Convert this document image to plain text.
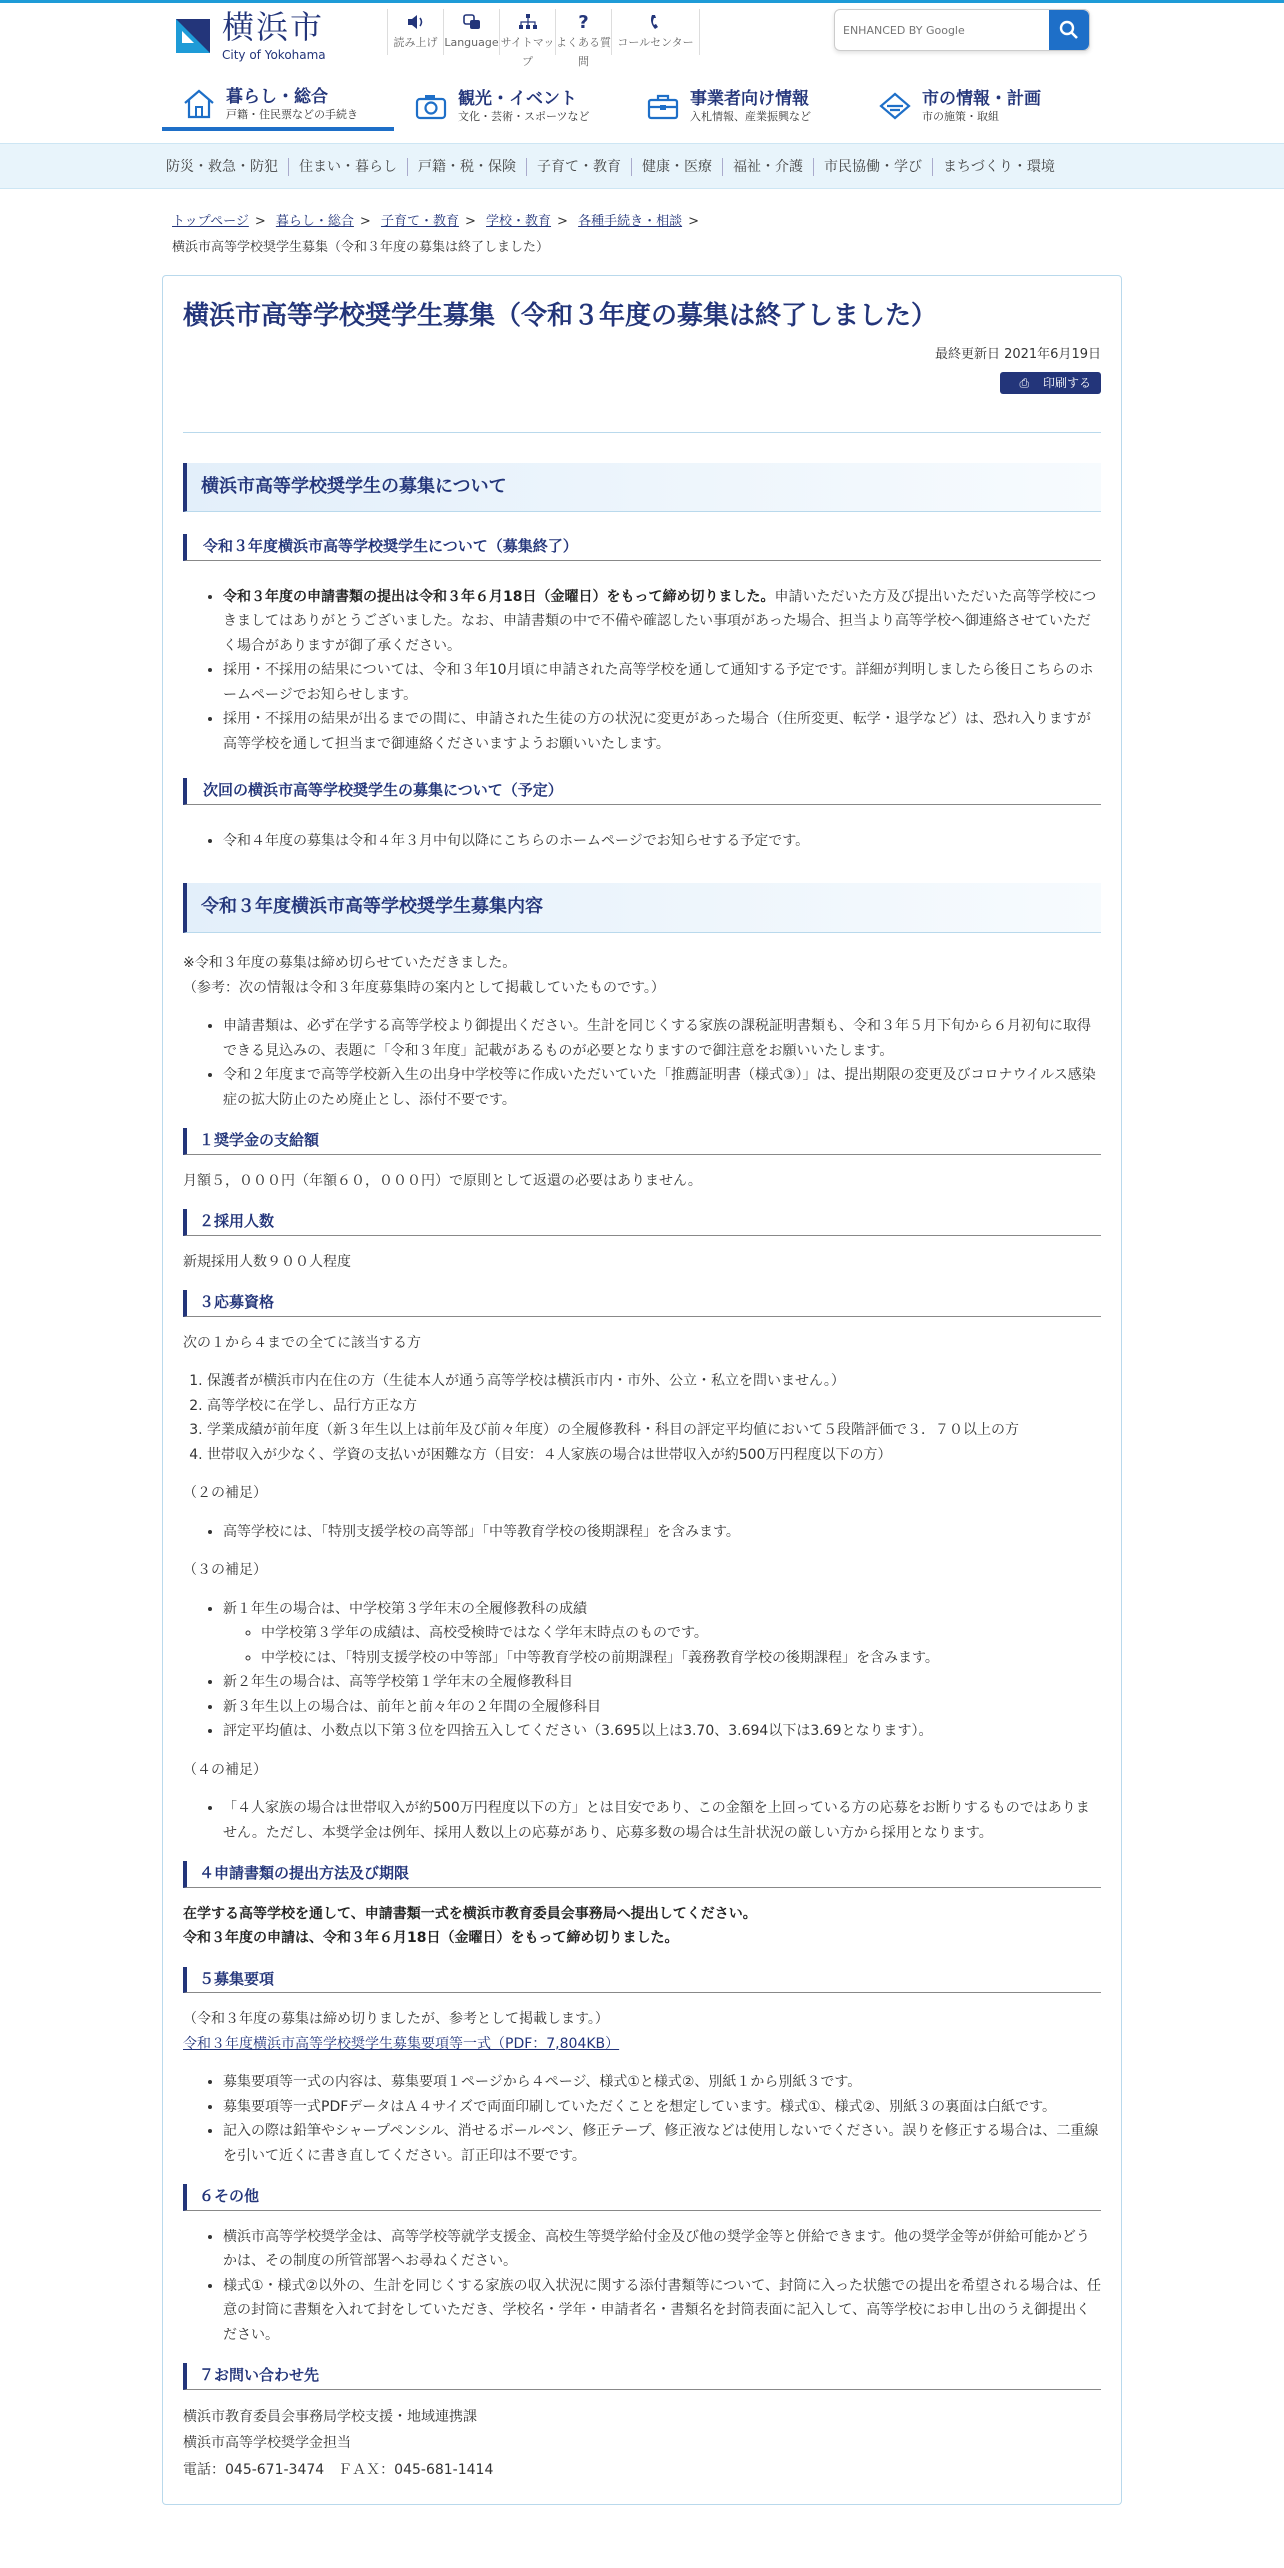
横浜市
City of Yokohama
読み上げ Language サイトマップ
?
よくある質問
コールセンター
ENHANCED BY Google
暮らし・総合
戸籍・住民票などの手続き
観光・イベント
文化・芸術・スポーツなど
事業者向け情報
入札情報、産業振興など
市の情報・計画
市の施策・取組
防災・救急・防犯	住まい・暮らし	戸籍・税・保険	子育て・教育	健康・医療	福祉・介護	市民協働・学び	まちづくり・環境
トップページ > 暮らし・総合 > 子育て・教育 > 学校・教育 > 各種手続き・相談 >
横浜市高等学校奨学生募集（令和３年度の募集は終了しました）
横浜市高等学校奨学生募集（令和３年度の募集は終了しました）
最終更新日 2021年6月19日
⎙ 印刷する
横浜市高等学校奨学生の募集について
令和３年度横浜市高等学校奨学生について（募集終了）
• 令和３年度の申請書類の提出は令和３年６月18日（金曜日）をもって締め切りました。申請いただいた方及び提出いただいた高等学校につきましてはありがとうございました。なお、申請書類の中で不備や確認したい事項があった場合、担当より高等学校へ御連絡させていただく場合がありますが御了承ください。
• 採用・不採用の結果については、令和３年10月頃に申請された高等学校を通して通知する予定です。詳細が判明しましたら後日こちらのホームページでお知らせします。
• 採用・不採用の結果が出るまでの間に、申請された生徒の方の状況に変更があった場合（住所変更、転学・退学など）は、恐れ入りますが高等学校を通して担当まで御連絡くださいますようお願いいたします。
次回の横浜市高等学校奨学生の募集について（予定）
• 令和４年度の募集は令和４年３月中旬以降にこちらのホームページでお知らせする予定です。
令和３年度横浜市高等学校奨学生募集内容

※令和３年度の募集は締め切らせていただきました。
（参考：次の情報は令和３年度募集時の案内として掲載していたものです。）

• 申請書類は、必ず在学する高等学校より御提出ください。生計を同じくする家族の課税証明書類も、令和３年５月下旬から６月初旬に取得できる見込みの、表題に「令和３年度」記載があるものが必要となりますので御注意をお願いいたします。
• 令和２年度まで高等学校新入生の出身中学校等に作成いただいていた「推薦証明書（様式③）」は、提出期限の変更及びコロナウイルス感染症の拡大防止のため廃止とし、添付不要です。
１奨学金の支給額

月額５，０００円（年額６０，０００円）で原則として返還の必要はありません。

２採用人数

新規採用人数９００人程度

３応募資格

次の１から４までの全てに該当する方

1. 保護者が横浜市内在住の方（生徒本人が通う高等学校は横浜市内・市外、公立・私立を問いません。）
2. 高等学校に在学し、品行方正な方
3. 学業成績が前年度（新３年生以上は前年及び前々年度）の全履修教科・科目の評定平均値において５段階評価で３．７０以上の方
4. 世帯収入が少なく、学資の支払いが困難な方（目安：４人家族の場合は世帯収入が約500万円程度以下の方）

（２の補足）

• 高等学校には、「特別支援学校の高等部」「中等教育学校の後期課程」を含みます。

（３の補足）

• 新１年生の場合は、中学校第３学年末の全履修教科の成績
◦ 中学校第３学年の成績は、高校受検時ではなく学年末時点のものです。
◦ 中学校には、「特別支援学校の中等部」「中等教育学校の前期課程」「義務教育学校の後期課程」を含みます。
• 新２年生の場合は、高等学校第１学年末の全履修教科目
• 新３年生以上の場合は、前年と前々年の２年間の全履修科目
• 評定平均値は、小数点以下第３位を四捨五入してください（3.695以上は3.70、3.694以下は3.69となります）。

（４の補足）

• 「４人家族の場合は世帯収入が約500万円程度以下の方」とは目安であり、この金額を上回っている方の応募をお断りするものではありません。ただし、本奨学金は例年、採用人数以上の応募があり、応募多数の場合は生計状況の厳しい方から採用となります。
４申請書類の提出方法及び期限

在学する高等学校を通して、申請書類一式を横浜市教育委員会事務局へ提出してください。
令和３年度の申請は、令和３年６月18日（金曜日）をもって締め切りました。

５募集要項

（令和３年度の募集は締め切りましたが、参考として掲載します。）
令和３年度横浜市高等学校奨学生募集要項等一式（PDF：7,804KB）

• 募集要項等一式の内容は、募集要項１ページから４ページ、様式①と様式②、別紙１から別紙３です。
• 募集要項等一式PDFデータはＡ４サイズで両面印刷していただくことを想定しています。様式①、様式②、別紙３の裏面は白紙です。
• 記入の際は鉛筆やシャープペンシル、消せるボールペン、修正テープ、修正液などは使用しないでください。誤りを修正する場合は、二重線を引いて近くに書き直してください。訂正印は不要です。
６その他
• 横浜市高等学校奨学金は、高等学校等就学支援金、高校生等奨学給付金及び他の奨学金等と併給できます。他の奨学金等が併給可能かどうかは、その制度の所管部署へお尋ねください。
• 様式①・様式②以外の、生計を同じくする家族の収入状況に関する添付書類等について、封筒に入った状態での提出を希望される場合は、任意の封筒に書類を入れて封をしていただき、学校名・学年・申請者名・書類名を封筒表面に記入して、高等学校にお申し出のうえ御提出ください。
７お問い合わせ先

横浜市教育委員会事務局学校支援・地域連携課
横浜市高等学校奨学金担当
電話：045-671-3474　ＦＡＸ：045-681-1414
